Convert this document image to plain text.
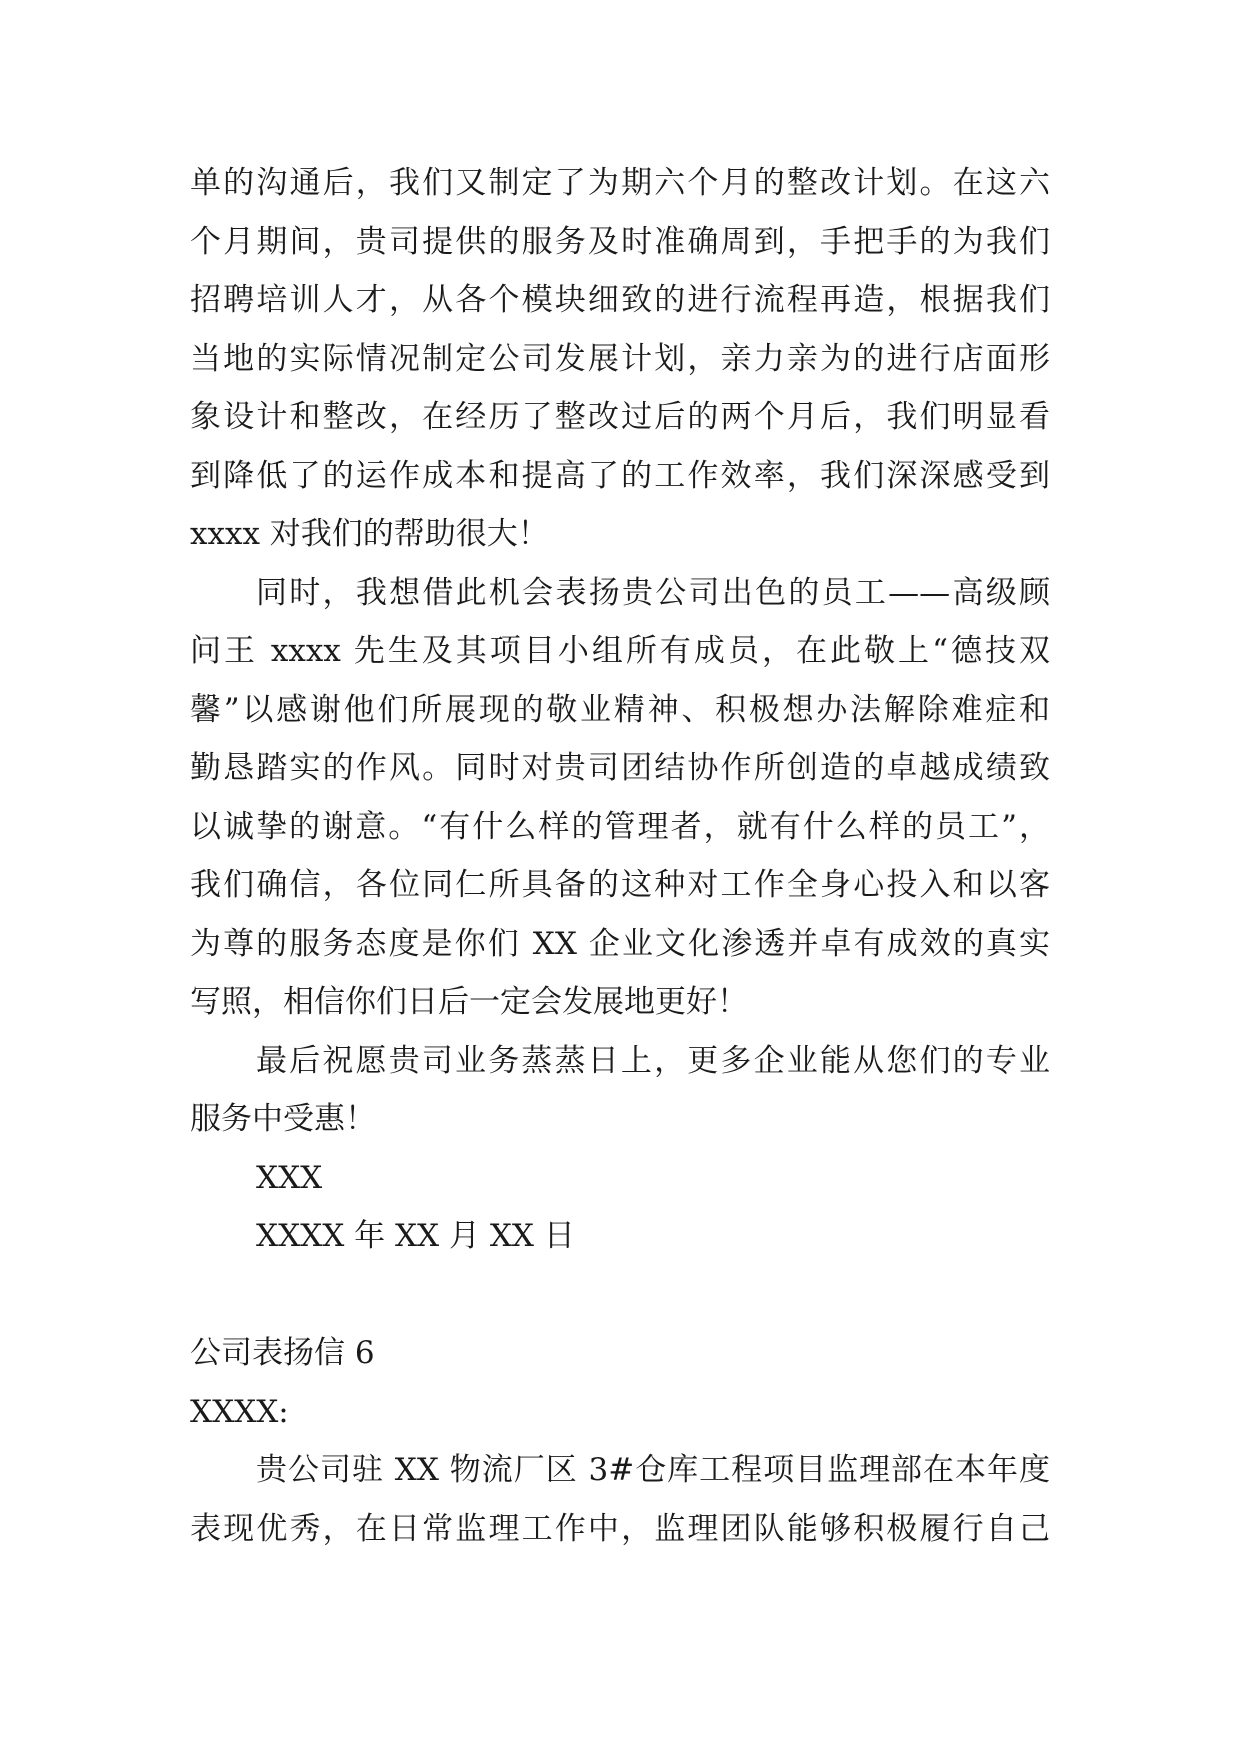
单的沟通后，我们又制定了为期六个月的整改计划。在这六
个月期间，贵司提供的服务及时准确周到，手把手的为我们
招聘培训人才，从各个模块细致的进行流程再造，根据我们
当地的实际情况制定公司发展计划，亲力亲为的进行店面形
象设计和整改，在经历了整改过后的两个月后，我们明显看
到降低了的运作成本和提高了的工作效率，我们深深感受到
xxxx 对我们的帮助很大！
同时，我想借此机会表扬贵公司出色的员工——高级顾
问王 xxxx 先生及其项目小组所有成员，在此敬上“德技双
馨”以感谢他们所展现的敬业精神、积极想办法解除难症和
勤恳踏实的作风。同时对贵司团结协作所创造的卓越成绩致
以诚挚的谢意。“有什么样的管理者，就有什么样的员工”，
我们确信，各位同仁所具备的这种对工作全身心投入和以客
为尊的服务态度是你们 XX 企业文化渗透并卓有成效的真实
写照，相信你们日后一定会发展地更好！
最后祝愿贵司业务蒸蒸日上，更多企业能从您们的专业
服务中受惠！
XXX
XXXX 年 XX 月 XX 日
公司表扬信 6
XXXX:
贵公司驻 XX 物流厂区 3#仓库工程项目监理部在本年度
表现优秀，在日常监理工作中，监理团队能够积极履行自己
